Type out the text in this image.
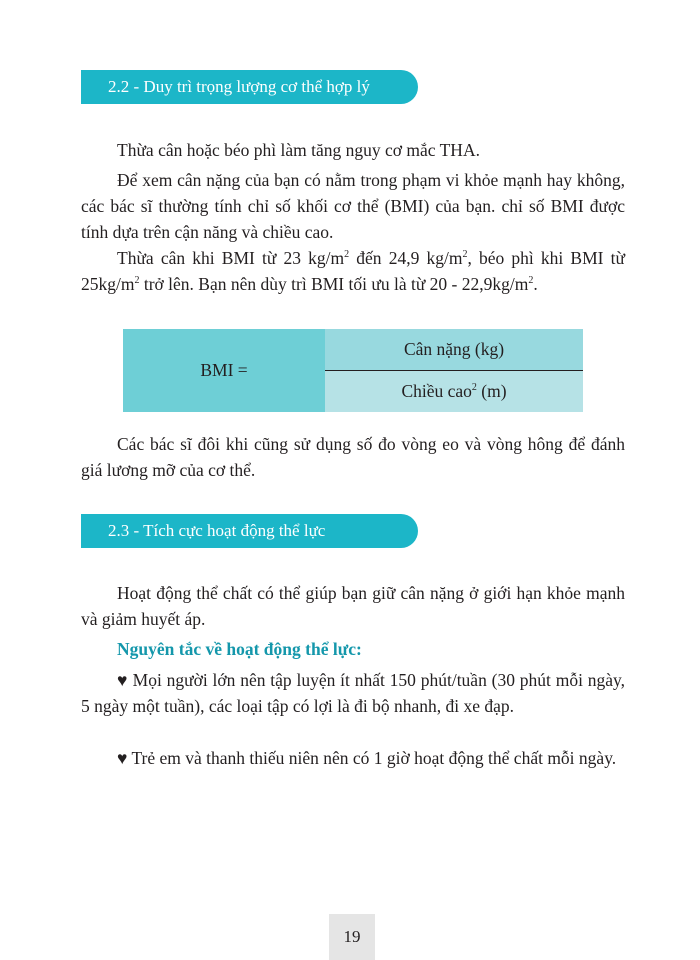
2.2 - Duy trì trọng lượng cơ thể hợp lý

Thừa cân hoặc béo phì làm tăng nguy cơ mắc THA.

Để xem cân nặng của bạn có nằm trong phạm vi khỏe mạnh hay không, các bác sĩ thường tính chỉ số khối cơ thể (BMI) của bạn. chỉ số BMI được tính dựa trên cận năng và chiều cao.

Thừa cân khi BMI từ 23 $kg/m^2$ đến 24,9 $kg/m^2$, béo phì khi BMI từ $25kg/m^2$ trở lên. Bạn nên dùy trì BMI tối ưu là từ $20 - 22,9kg/m^2$.

BMI =
Cân nặng (kg)
Chiều cao$^2$ (m)

Các bác sĩ đôi khi cũng sử dụng số đo vòng eo và vòng hông để đánh giá lương mỡ của cơ thể.

2.3 - Tích cực hoạt động thể lực

Hoạt động thể chất có thể giúp bạn giữ cân nặng ở giới hạn khỏe mạnh và giảm huyết áp.

Nguyên tắc về hoạt động thể lực:

♥ Mọi người lớn nên tập luyện ít nhất 150 phút/tuần (30 phút mỗi ngày, 5 ngày một tuần), các loại tập có lợi là đi bộ nhanh, đi xe đạp.

♥ Trẻ em và thanh thiếu niên nên có 1 giờ hoạt động thể chất mỗi ngày.

19
